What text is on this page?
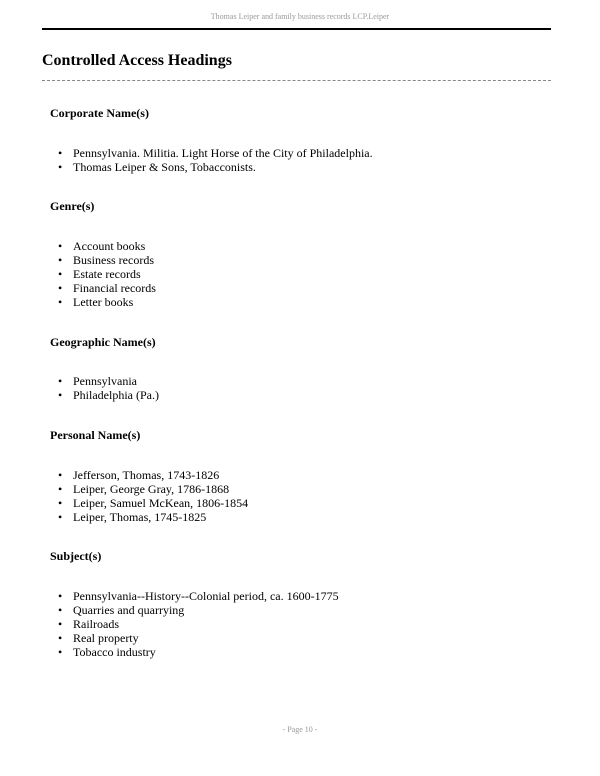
Thomas Leiper and family business records LCP.Leiper
Controlled Access Headings
Corporate Name(s)
• Pennsylvania. Militia. Light Horse of the City of Philadelphia.
• Thomas Leiper & Sons, Tobacconists.
Genre(s)
• Account books
• Business records
• Estate records
• Financial records
• Letter books
Geographic Name(s)
• Pennsylvania
• Philadelphia (Pa.)
Personal Name(s)
• Jefferson, Thomas, 1743-1826
• Leiper, George Gray, 1786-1868
• Leiper, Samuel McKean, 1806-1854
• Leiper, Thomas, 1745-1825
Subject(s)
• Pennsylvania--History--Colonial period, ca. 1600-1775
• Quarries and quarrying
• Railroads
• Real property
• Tobacco industry
- Page 10 -
